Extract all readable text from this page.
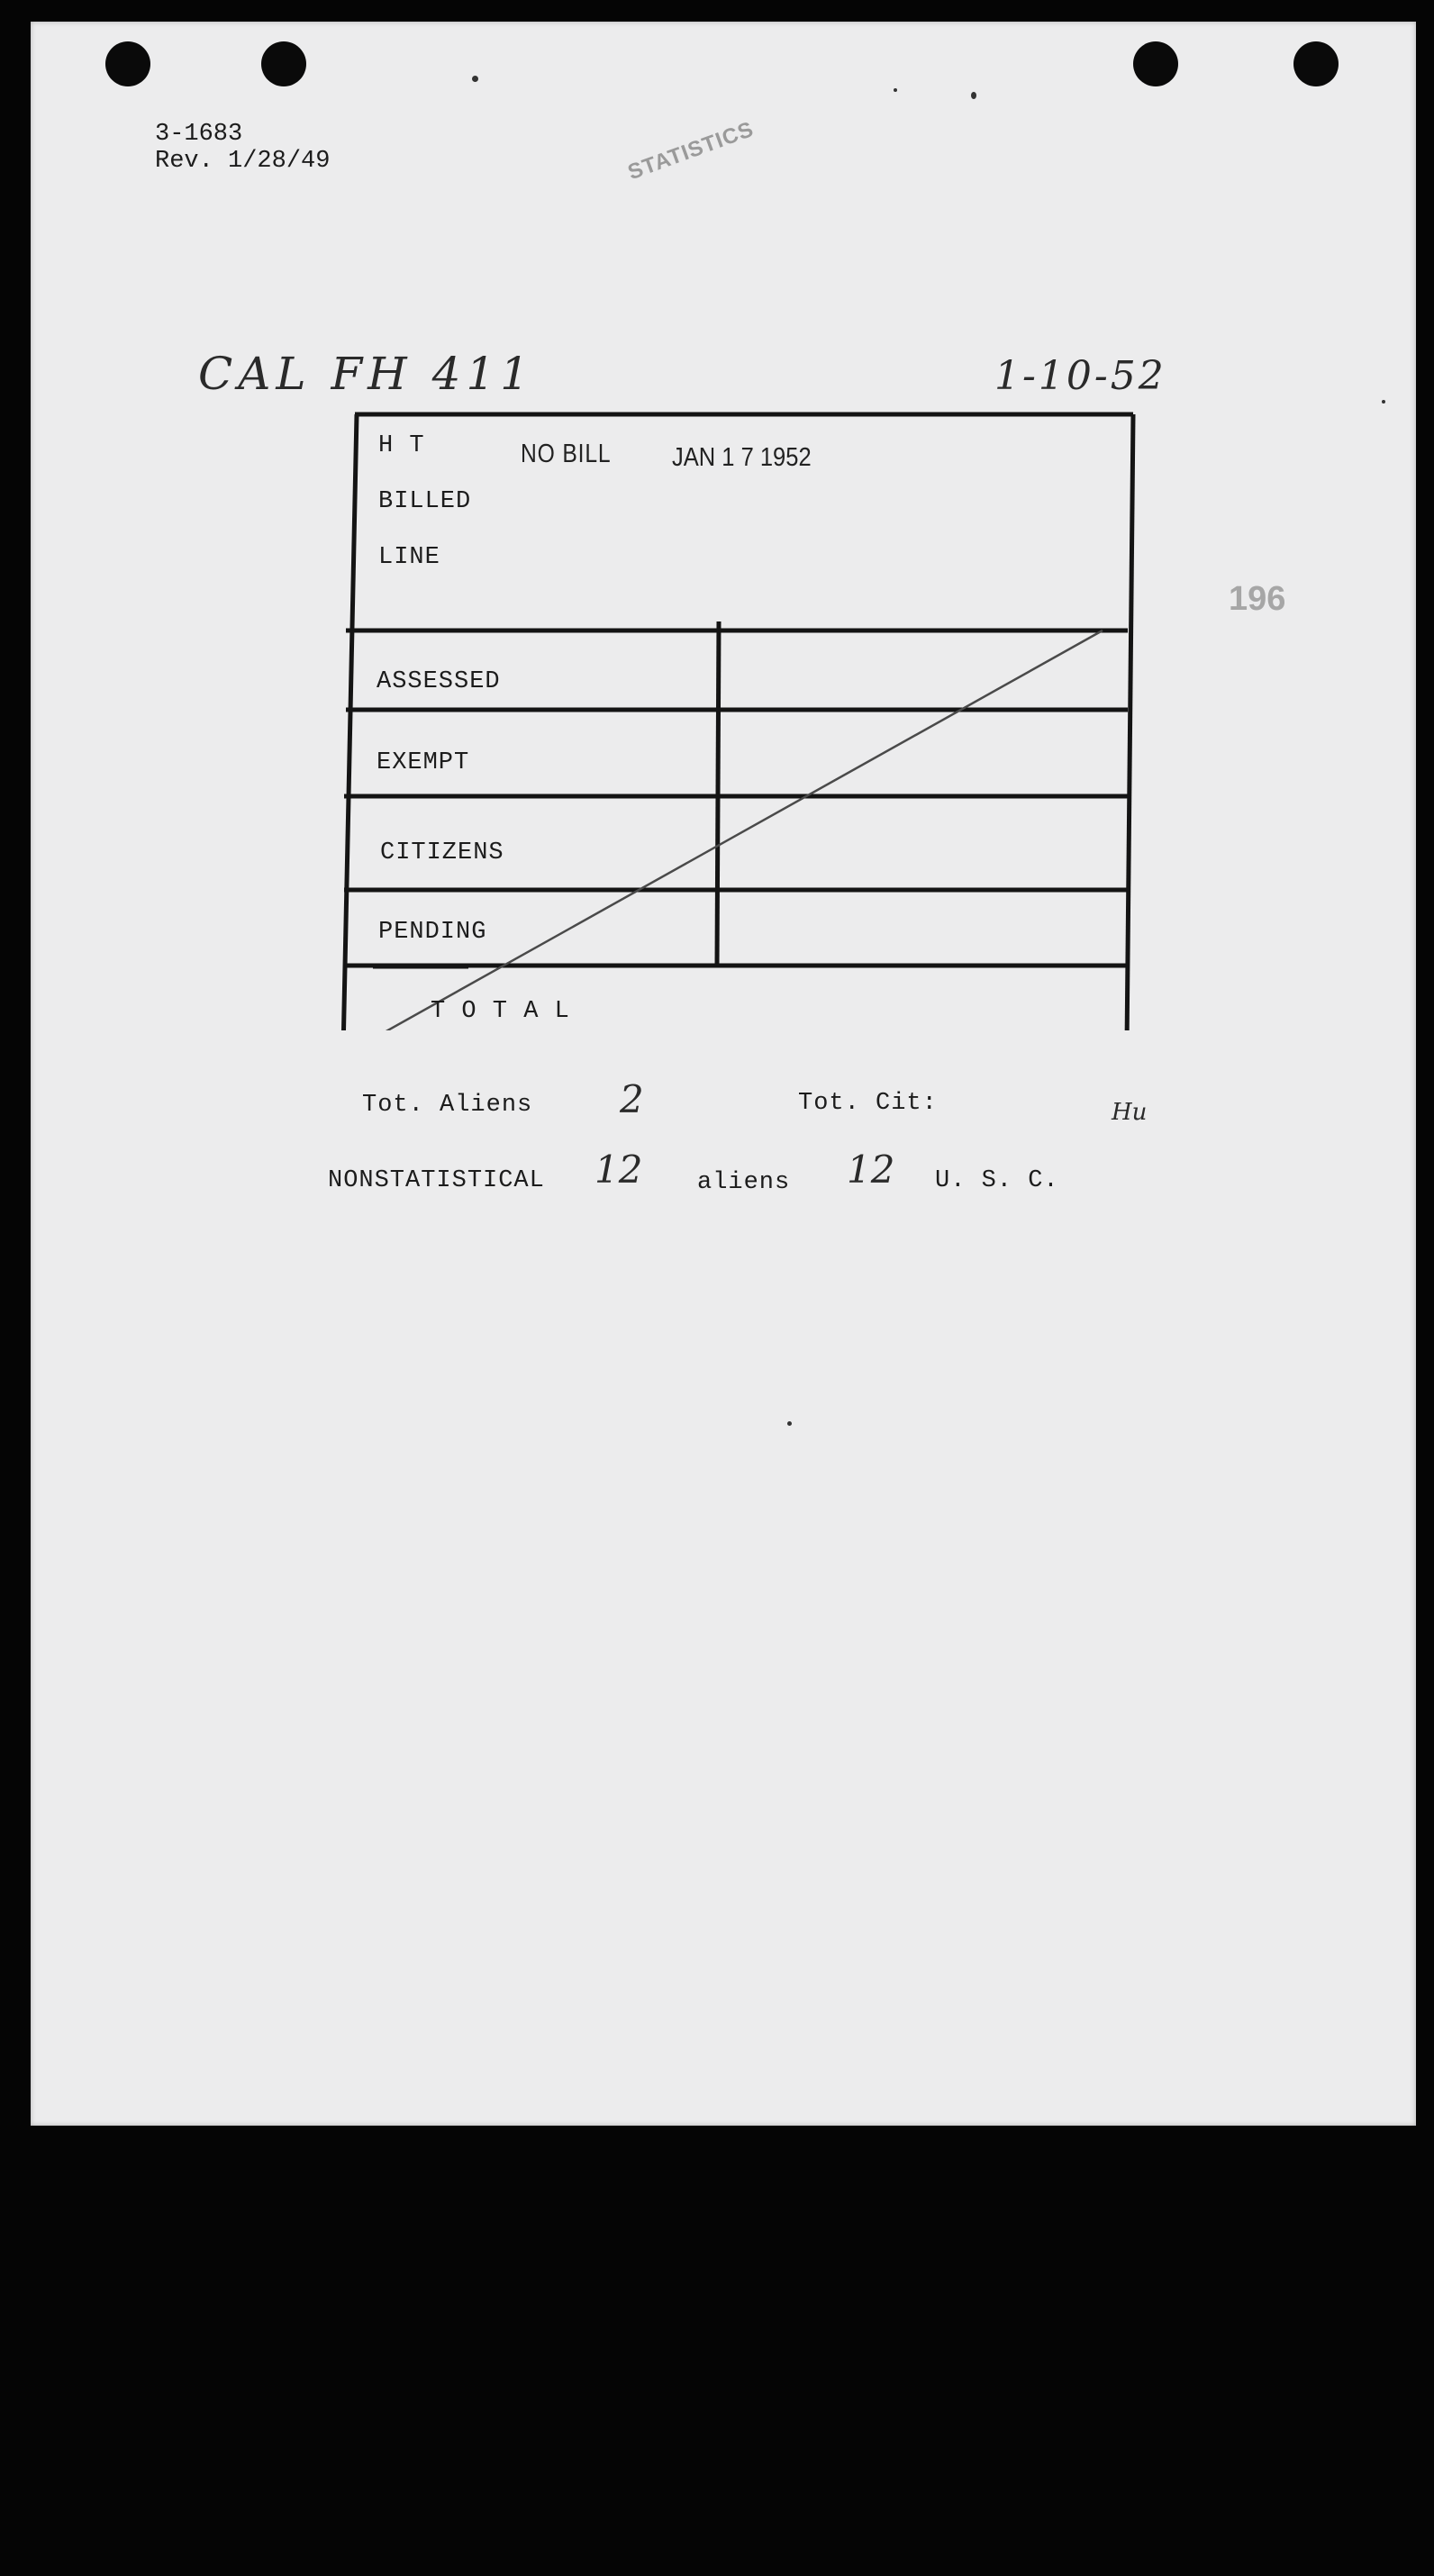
3-1683
Rev. 1/28/49	STATISTICS
CAL FH 411	1-10-52
196
H T	NO BILL JAN 1 7 1952
BILLED
LINE
ASSESSED
EXEMPT
CITIZENS
PENDING
T O T A L
Tot. Aliens 2	Tot. Cit:	Hu
NONSTATISTICAL 12 aliens 12 U. S. C.
